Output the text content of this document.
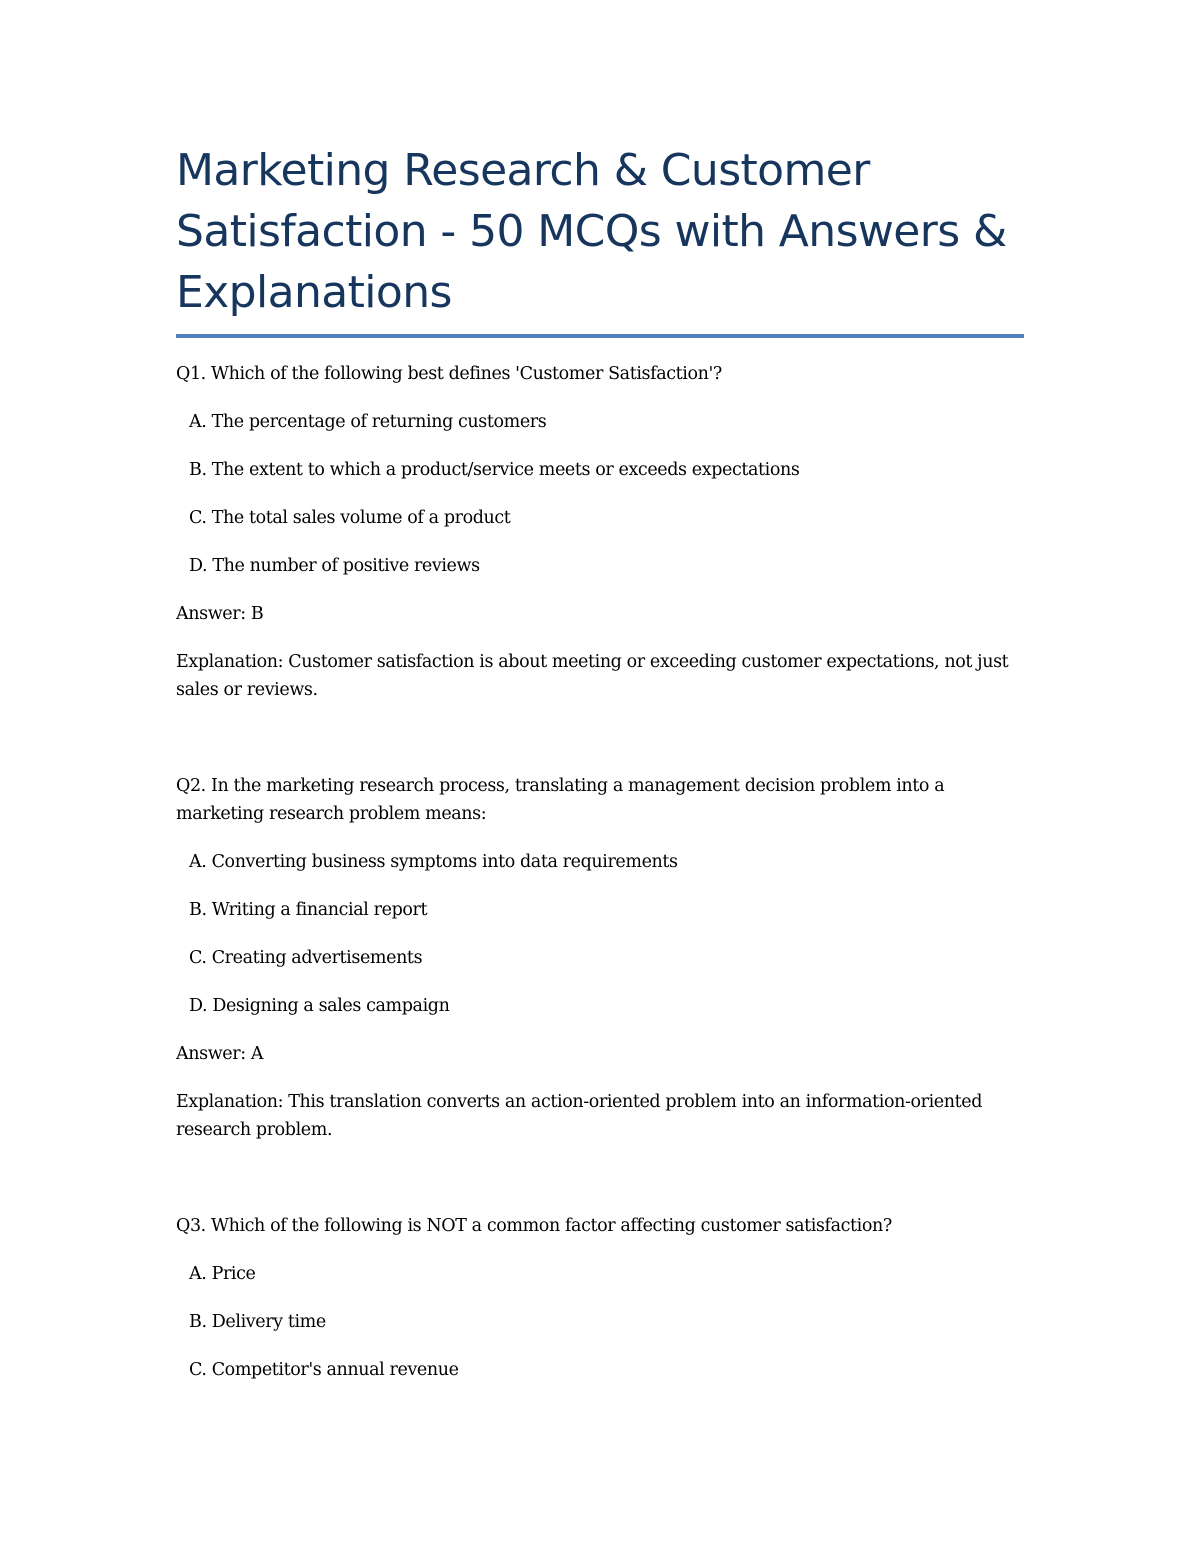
Marketing Research & Customer Satisfaction - 50 MCQs with Answers & Explanations

Q1. Which of the following best defines 'Customer Satisfaction'?

A. The percentage of returning customers

B. The extent to which a product/service meets or exceeds expectations

C. The total sales volume of a product

D. The number of positive reviews

Answer: B

Explanation: Customer satisfaction is about meeting or exceeding customer expectations, not just sales or reviews.

Q2. In the marketing research process, translating a management decision problem into a marketing research problem means:

A. Converting business symptoms into data requirements

B. Writing a financial report

C. Creating advertisements

D. Designing a sales campaign

Answer: A

Explanation: This translation converts an action-oriented problem into an information-oriented research problem.

Q3. Which of the following is NOT a common factor affecting customer satisfaction?

A. Price

B. Delivery time

C. Competitor's annual revenue
